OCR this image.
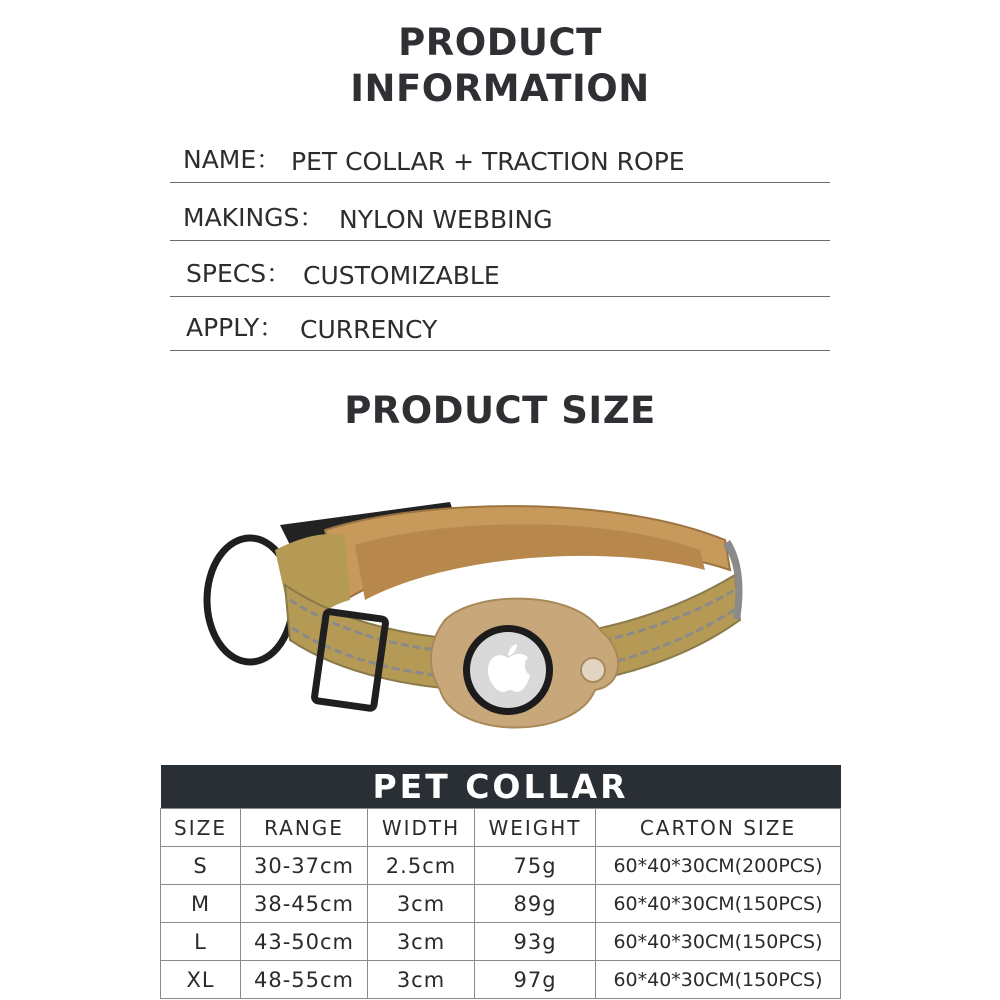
PRODUCT
INFORMATION
NAME： PET COLLAR + TRACTION ROPE
MAKINGS： NYLON WEBBING
SPECS： CUSTOMIZABLE
APPLY： CURRENCY
PRODUCT SIZE
PET COLLAR				
SIZE	RANGE	WIDTH	WEIGHT	CARTON SIZE
S	30-37cm	2.5cm	75g	60*40*30CM(200PCS)
M	38-45cm	3cm	89g	60*40*30CM(150PCS)
L	43-50cm	3cm	93g	60*40*30CM(150PCS)
XL	48-55cm	3cm	97g	60*40*30CM(150PCS)
